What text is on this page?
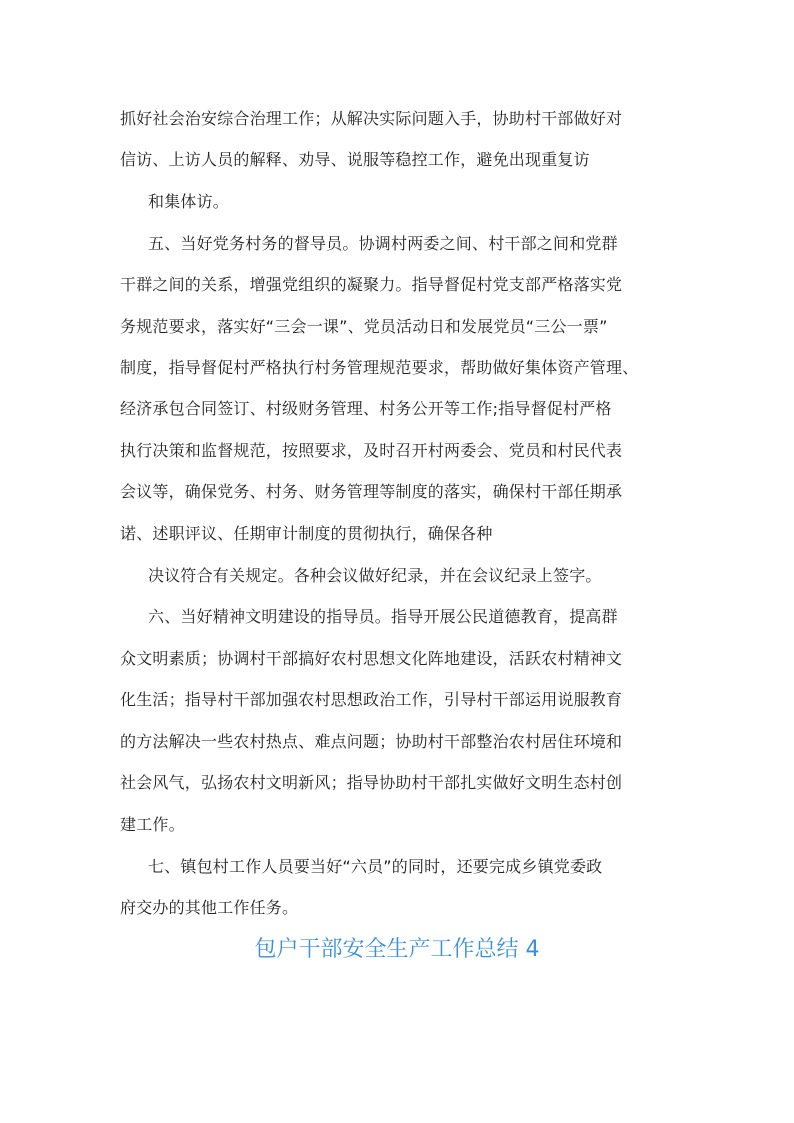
抓好社会治安综合治理工作；从解决实际问题入手，协助村干部做好对
信访、上访人员的解释、劝导、说服等稳控工作，避免出现重复访
和集体访。
五、当好党务村务的督导员。协调村两委之间、村干部之间和党群
干群之间的关系，增强党组织的凝聚力。指导督促村党支部严格落实党
务规范要求，落实好“三会一课”、党员活动日和发展党员“三公一票”
制度，指导督促村严格执行村务管理规范要求，帮助做好集体资产管理、
经济承包合同签订、村级财务管理、村务公开等工作;指导督促村严格
执行决策和监督规范，按照要求，及时召开村两委会、党员和村民代表
会议等，确保党务、村务、财务管理等制度的落实，确保村干部任期承
诺、述职评议、任期审计制度的贯彻执行，确保各种
决议符合有关规定。各种会议做好纪录，并在会议纪录上签字。
六、当好精神文明建设的指导员。指导开展公民道德教育，提高群
众文明素质；协调村干部搞好农村思想文化阵地建设，活跃农村精神文
化生活；指导村干部加强农村思想政治工作，引导村干部运用说服教育
的方法解决一些农村热点、难点问题；协助村干部整治农村居住环境和
社会风气，弘扬农村文明新风；指导协助村干部扎实做好文明生态村创
建工作。
七、镇包村工作人员要当好“六员”的同时，还要完成乡镇党委政
府交办的其他工作任务。
包户干部安全生产工作总结 4
